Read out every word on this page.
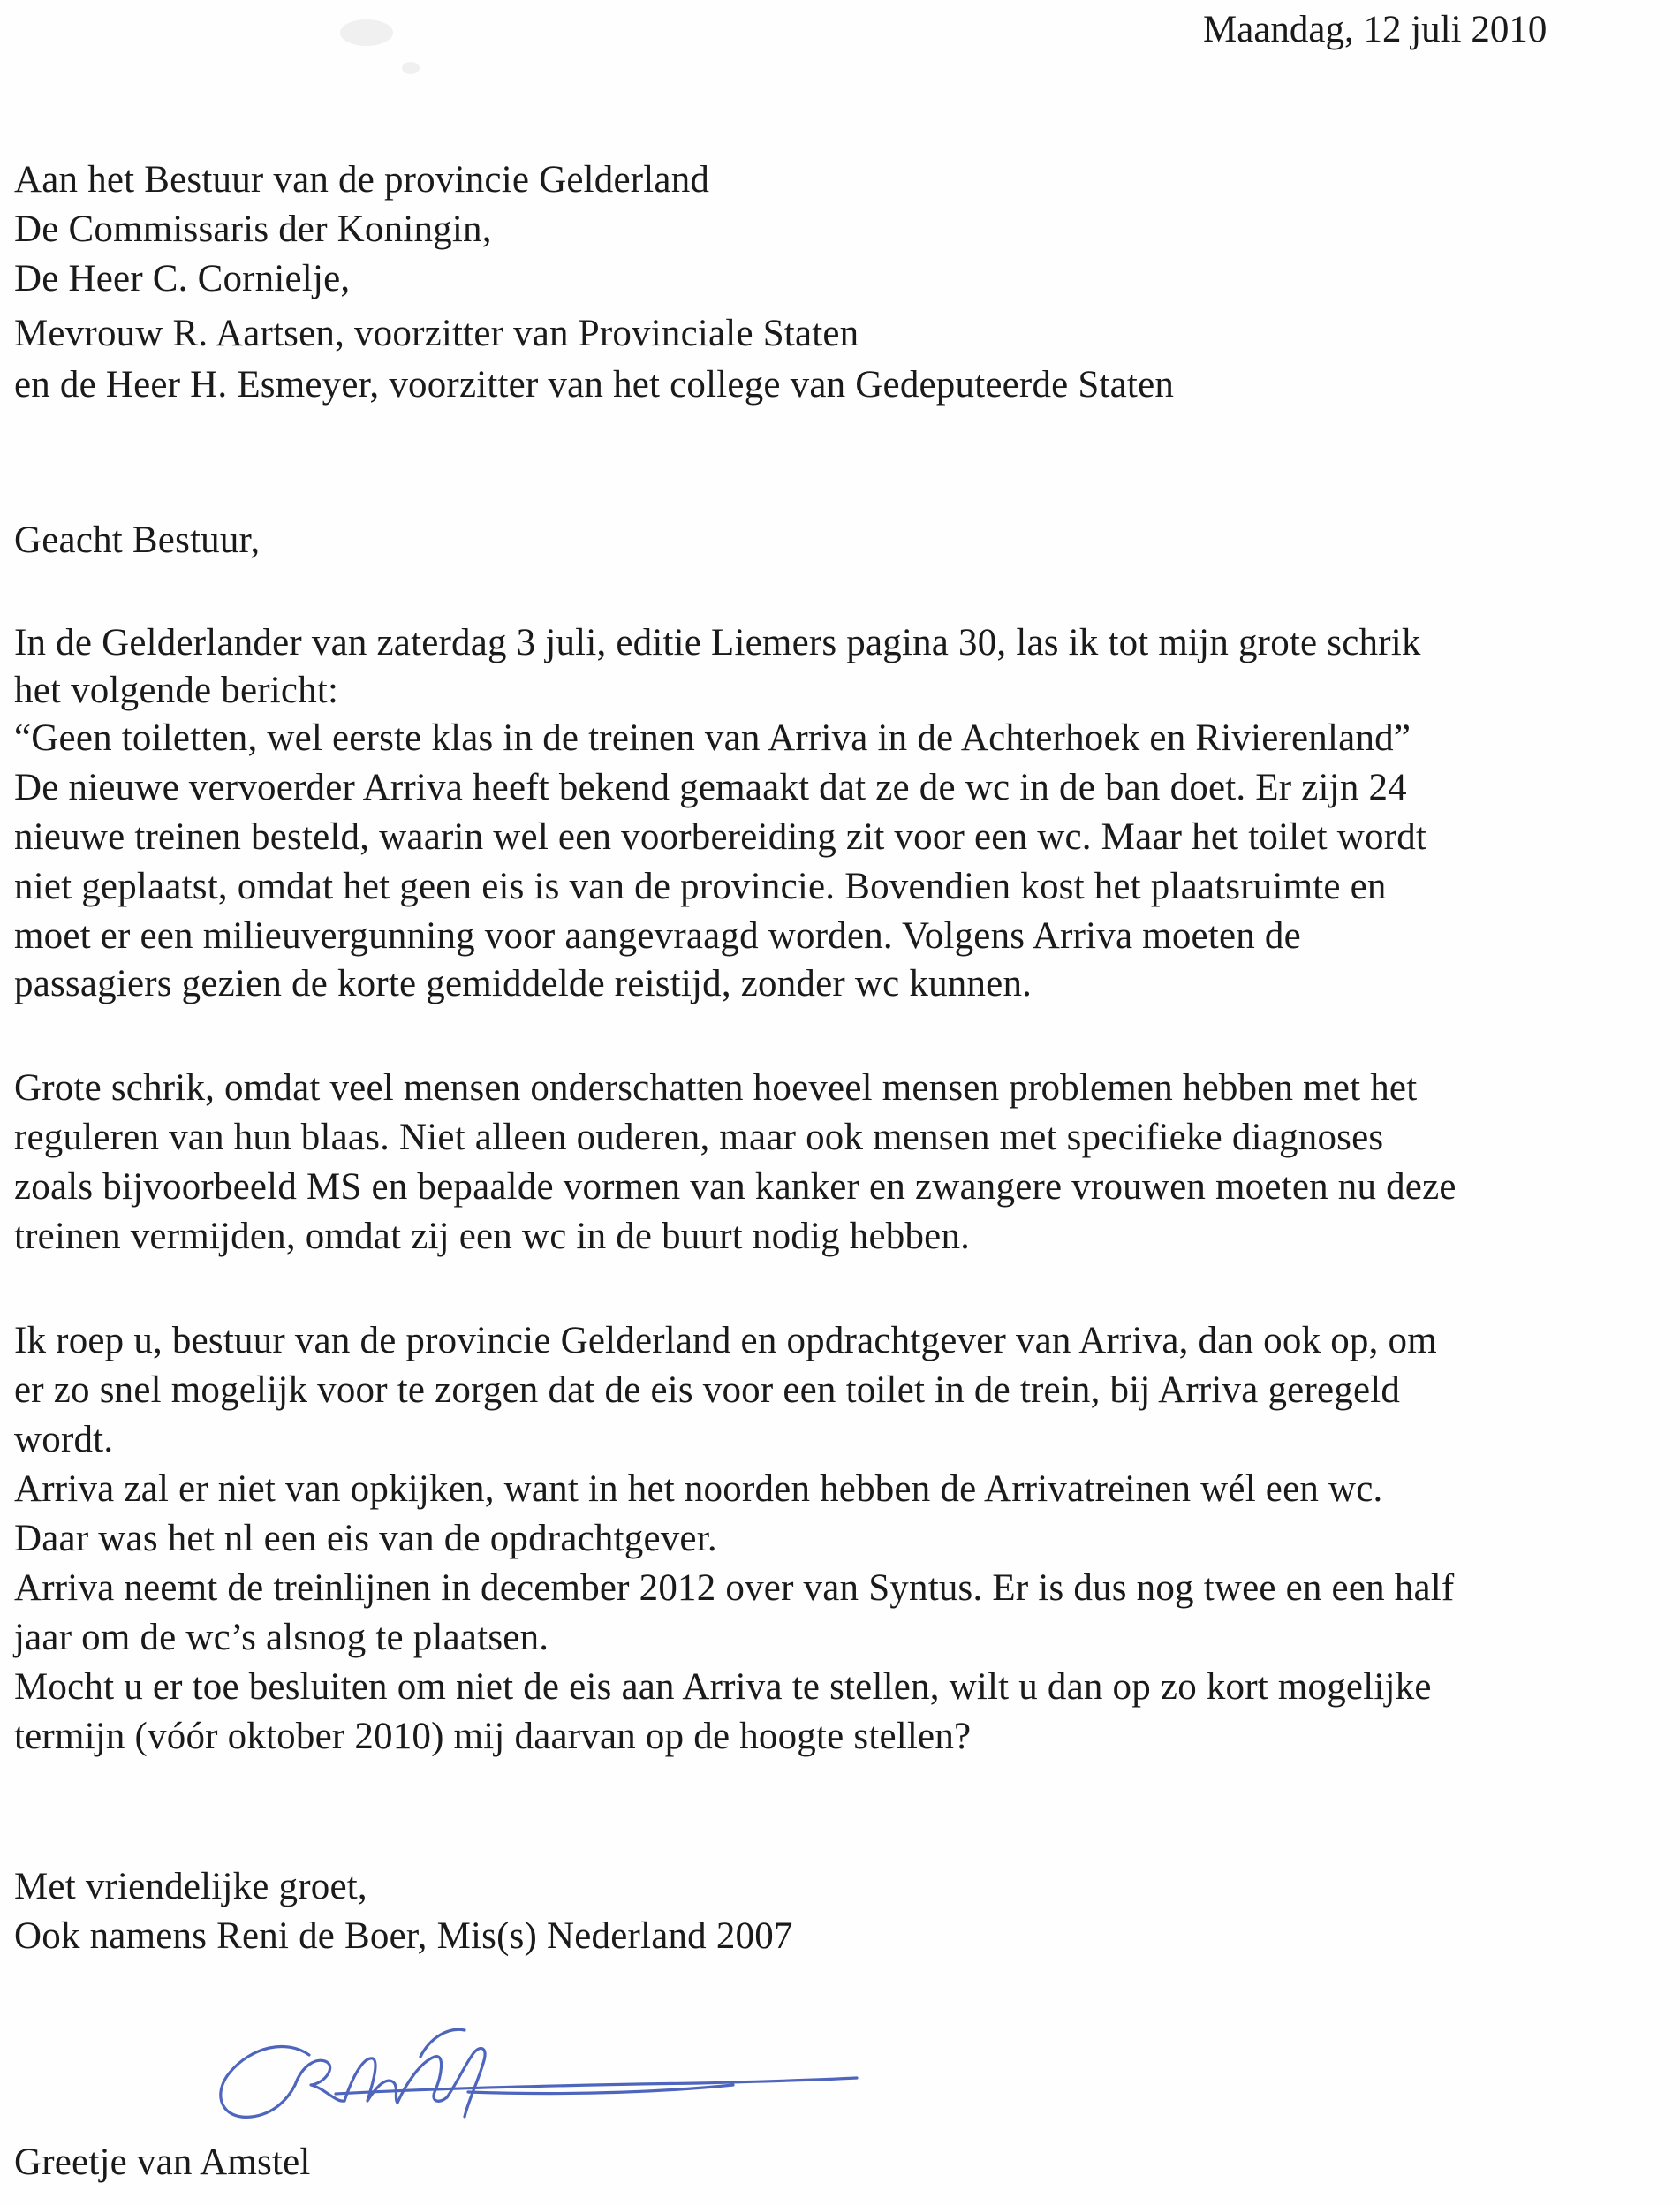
Maandag, 12 juli 2010
Aan het Bestuur van de provincie Gelderland
De Commissaris der Koningin,
De Heer C. Cornielje,
Mevrouw R. Aartsen, voorzitter van Provinciale Staten
en de Heer H. Esmeyer, voorzitter van het college van Gedeputeerde Staten
Geacht Bestuur,
In de Gelderlander van zaterdag 3 juli, editie Liemers pagina 30, las ik tot mijn grote schrik
het volgende bericht:
“Geen toiletten, wel eerste klas in de treinen van Arriva in de Achterhoek en Rivierenland”
De nieuwe vervoerder Arriva heeft bekend gemaakt dat ze de wc in de ban doet. Er zijn 24
nieuwe treinen besteld, waarin wel een voorbereiding zit voor een wc. Maar het toilet wordt
niet geplaatst, omdat het geen eis is van de provincie. Bovendien kost het plaatsruimte en
moet er een milieuvergunning voor aangevraagd worden. Volgens Arriva moeten de
passagiers gezien de korte gemiddelde reistijd, zonder wc kunnen.
Grote schrik, omdat veel mensen onderschatten hoeveel mensen problemen hebben met het
reguleren van hun blaas. Niet alleen ouderen, maar ook mensen met specifieke diagnoses
zoals bijvoorbeeld MS en bepaalde vormen van kanker en zwangere vrouwen moeten nu deze
treinen vermijden, omdat zij een wc in de buurt nodig hebben.
Ik roep u, bestuur van de provincie Gelderland en opdrachtgever van Arriva, dan ook op, om
er zo snel mogelijk voor te zorgen dat de eis voor een toilet in de trein, bij Arriva geregeld
wordt.
Arriva zal er niet van opkijken, want in het noorden hebben de Arrivatreinen wél een wc.
Daar was het nl een eis van de opdrachtgever.
Arriva neemt de treinlijnen in december 2012 over van Syntus. Er is dus nog twee en een half
jaar om de wc’s alsnog te plaatsen.
Mocht u er toe besluiten om niet de eis aan Arriva te stellen, wilt u dan op zo kort mogelijke
termijn (vóór oktober 2010) mij daarvan op de hoogte stellen?
Met vriendelijke groet,
Ook namens Reni de Boer, Mis(s) Nederland 2007
Greetje van Amstel
